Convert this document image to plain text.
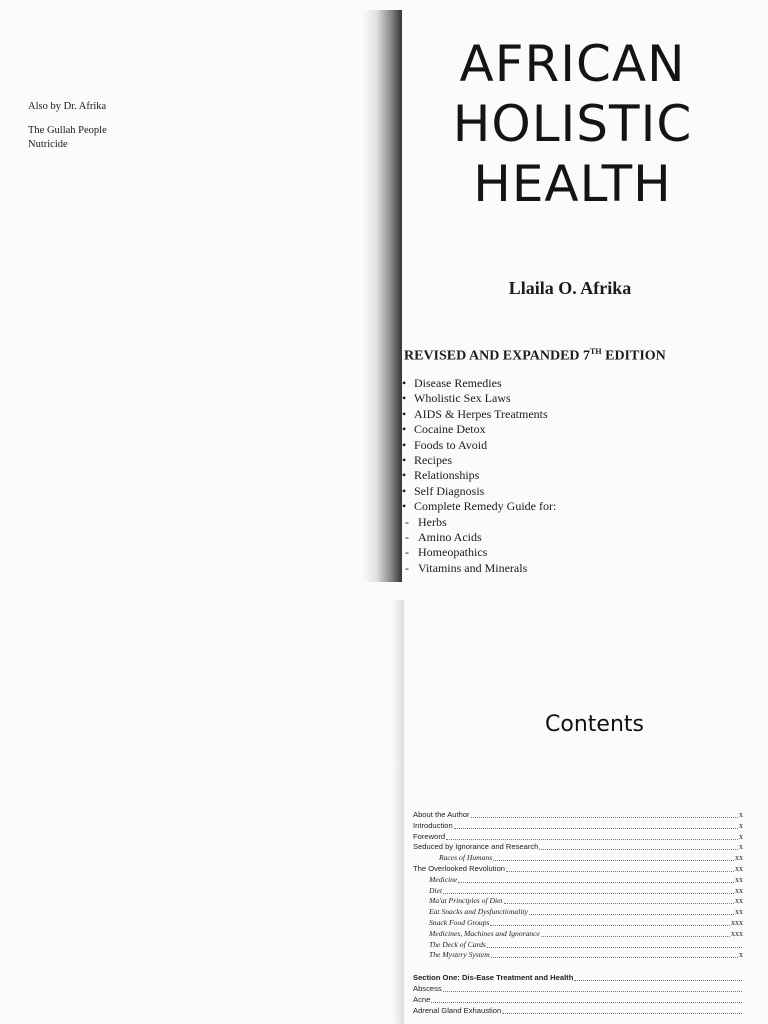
Also by Dr. Afrika
The Gullah People
Nutricide
AFRICAN
HOLISTIC
HEALTH
Llaila O. Afrika
REVISED AND EXPANDED 7TH EDITION
• Disease Remedies
• Wholistic Sex Laws
• AIDS & Herpes Treatments
• Cocaine Detox
• Foods to Avoid
• Recipes
• Relationships
• Self Diagnosis
• Complete Remedy Guide for:
- Herbs
- Amino Acids
- Homeopathics
- Vitamins and Minerals
Contents
About the Author	x
Introduction	x
Foreword	x
Seduced by Ignorance and Research	x
Races of Humans	xx
The Overlooked Revolution	xx
Medicine	xx
Diet	xx
Ma'at Principles of Diet	xx
Eat Snacks and Dysfunctionality	xx
Snack Food Groups	xxx
Medicines, Machines and Ignorance	xxx
The Deck of Cards
The Mystery System	x
Section One: Dis-Ease Treatment and Health
Abscess
Acne
Adrenal Gland Exhaustion
